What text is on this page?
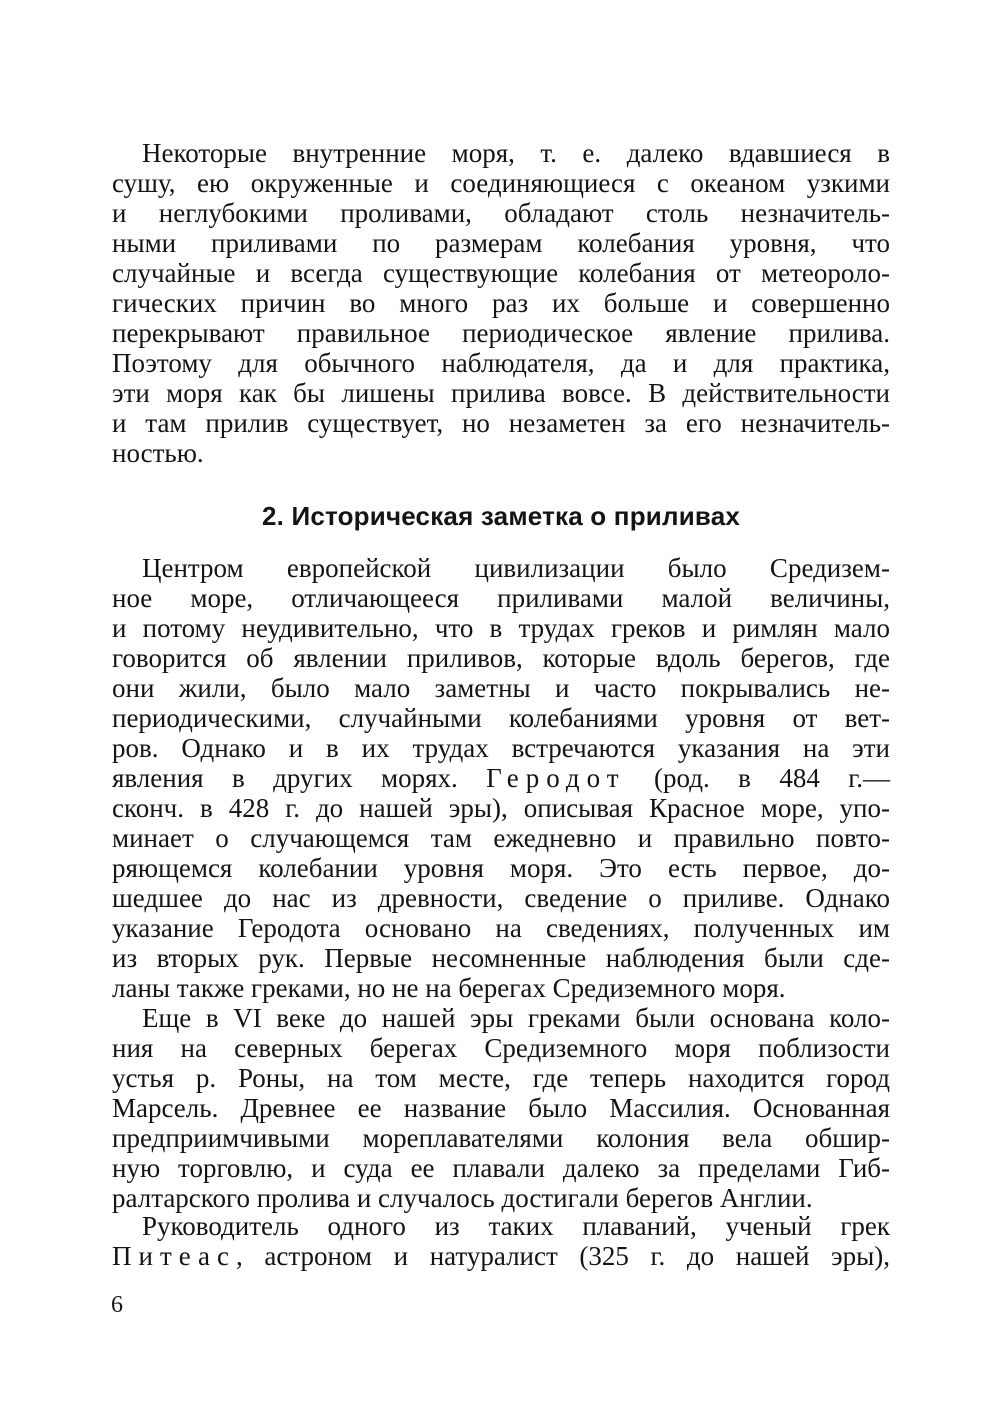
Некоторые внутренние моря, т. е. далеко вдавшиеся в
сушу, ею окруженные и соединяющиеся с океаном узкими
и неглубокими проливами, обладают столь незначитель-
ными приливами по размерам колебания уровня, что
случайные и всегда существующие колебания от метеороло-
гических причин во много раз их больше и совершенно
перекрывают правильное периодическое явление прилива.
Поэтому для обычного наблюдателя, да и для практика,
эти моря как бы лишены прилива вовсе. В действительности
и там прилив существует, но незаметен за его незначитель-
ностью.
2. Историческая заметка о приливах
Центром европейской цивилизации было Средизем-
ное море, отличающееся приливами малой величины,
и потому неудивительно, что в трудах греков и римлян мало
говорится об явлении приливов, которые вдоль берегов, где
они жили, было мало заметны и часто покрывались не-
периодическими, случайными колебаниями уровня от вет-
ров. Однако и в их трудах встречаются указания на эти
явления в других морях. Геродот (род. в 484 г.—
сконч. в 428 г. до нашей эры), описывая Красное море, упо-
минает о случающемся там ежедневно и правильно повто-
ряющемся колебании уровня моря. Это есть первое, до-
шедшее до нас из древности, сведение о приливе. Однако
указание Геродота основано на сведениях, полученных им
из вторых рук. Первые несомненные наблюдения были сде-
ланы также греками, но не на берегах Средиземного моря.
Еще в VI веке до нашей эры греками были основана коло-
ния на северных берегах Средиземного моря поблизости
устья р. Роны, на том месте, где теперь находится город
Марсель. Древнее ее название было Массилия. Основанная
предприимчивыми мореплавателями колония вела обшир-
ную торговлю, и суда ее плавали далеко за пределами Гиб-
ралтарского пролива и случалось достигали берегов Англии.
Руководитель одного из таких плаваний, ученый грек
Питеас, астроном и натуралист (325 г. до нашей эры),
6
